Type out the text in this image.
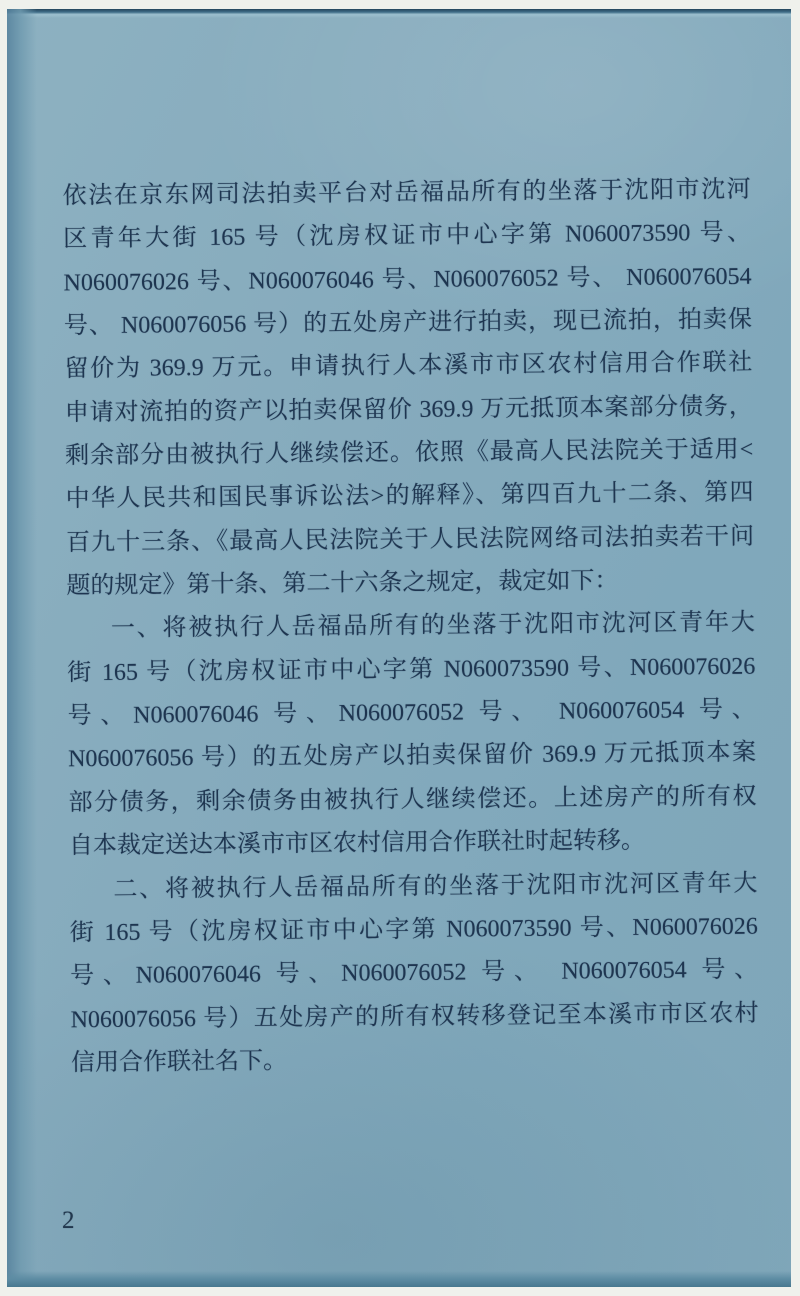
依法在京东网司法拍卖平台对岳福品所有的坐落于沈阳市沈河
区青年大街 165 号（沈房权证市中心字第 N060073590 号、
N060076026 号、N060076046 号、N060076052 号、 N060076054
号、 N060076056 号）的五处房产进行拍卖，现已流拍，拍卖保
留价为 369.9 万元。申请执行人本溪市市区农村信用合作联社
申请对流拍的资产以拍卖保留价 369.9 万元抵顶本案部分债务，
剩余部分由被执行人继续偿还。依照《最高人民法院关于适用<
中华人民共和国民事诉讼法>的解释》、第四百九十二条、第四
百九十三条、《最高人民法院关于人民法院网络司法拍卖若干问
题的规定》第十条、第二十六条之规定，裁定如下：
一、将被执行人岳福品所有的坐落于沈阳市沈河区青年大
街 165 号（沈房权证市中心字第 N060073590 号、N060076026
号、N060076046 号、N060076052 号、 N060076054 号、
N060076056 号）的五处房产以拍卖保留价 369.9 万元抵顶本案
部分债务，剩余债务由被执行人继续偿还。上述房产的所有权
自本裁定送达本溪市市区农村信用合作联社时起转移。
二、将被执行人岳福品所有的坐落于沈阳市沈河区青年大
街 165 号（沈房权证市中心字第 N060073590 号、N060076026
号、N060076046 号、N060076052 号、 N060076054 号、
N060076056 号）五处房产的所有权转移登记至本溪市市区农村
信用合作联社名下。
2
